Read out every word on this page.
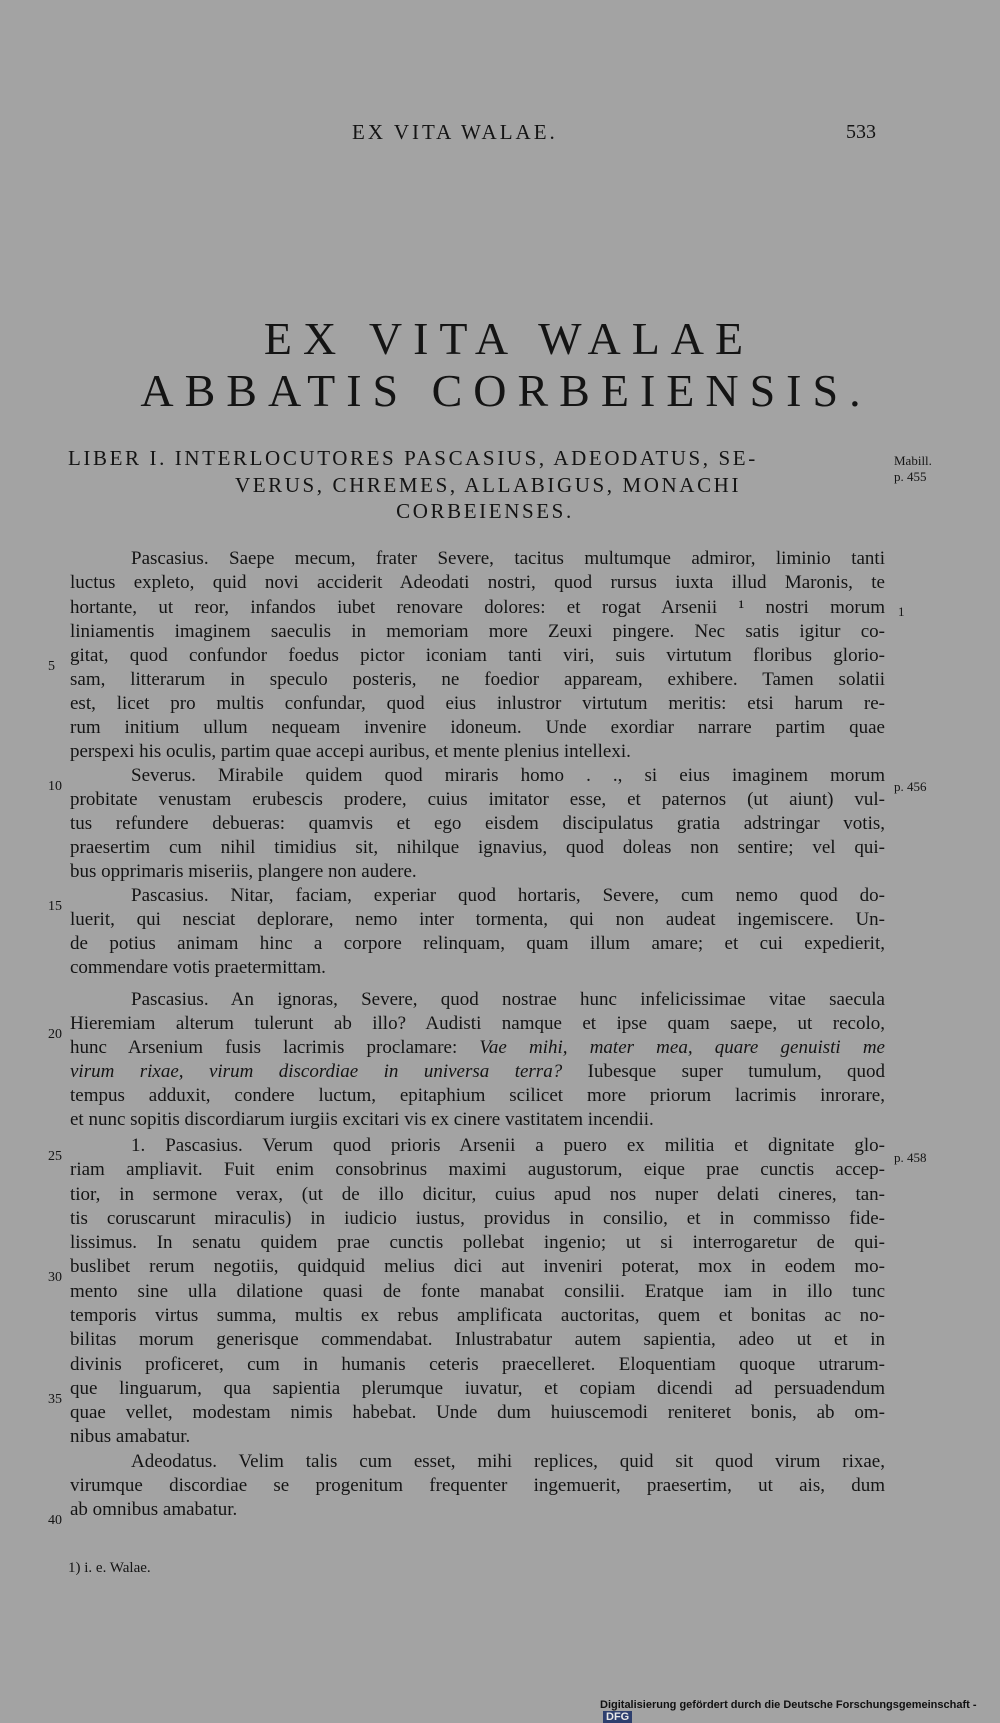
EX VITA WALAE.	533
EX VITA WALAE
ABBATIS CORBEIENSIS.
LIBER I. INTERLOCUTORES PASCASIUS, ADEODATUS, SE-
VERUS, CHREMES, ALLABIGUS, MONACHI
CORBEIENSES.
Mabill.
p. 455
1
p. 456
p. 458
5
10
15
20
25
30
35
40
Pascasius. Saepe mecum, frater Severe, tacitus multumque admiror, liminio tanti
luctus expleto, quid novi acciderit Adeodati nostri, quod rursus iuxta illud Maronis, te
hortante, ut reor, infandos iubet renovare dolores: et rogat Arsenii ¹ nostri morum
liniamentis imaginem saeculis in memoriam more Zeuxi pingere. Nec satis igitur co-
gitat, quod confundor foedus pictor iconiam tanti viri, suis virtutum floribus glorio-
sam, litterarum in speculo posteris, ne foedior appaream, exhibere. Tamen solatii
est, licet pro multis confundar, quod eius inlustror virtutum meritis: etsi harum re-
rum initium ullum nequeam invenire idoneum. Unde exordiar narrare partim quae
perspexi his oculis, partim quae accepi auribus, et mente plenius intellexi.
Severus. Mirabile quidem quod miraris homo . ., si eius imaginem morum
probitate venustam erubescis prodere, cuius imitator esse, et paternos (ut aiunt) vul-
tus refundere debueras: quamvis et ego eisdem discipulatus gratia adstringar votis,
praesertim cum nihil timidius sit, nihilque ignavius, quod doleas non sentire; vel qui-
bus opprimaris miseriis, plangere non audere.
Pascasius. Nitar, faciam, experiar quod hortaris, Severe, cum nemo quod do-
luerit, qui nesciat deplorare, nemo inter tormenta, qui non audeat ingemiscere. Un-
de potius animam hinc a corpore relinquam, quam illum amare; et cui expedierit,
commendare votis praetermittam.
Pascasius. An ignoras, Severe, quod nostrae hunc infelicissimae vitae saecula
Hieremiam alterum tulerunt ab illo? Audisti namque et ipse quam saepe, ut recolo,
hunc Arsenium fusis lacrimis proclamare: Vae mihi, mater mea, quare genuisti me
virum rixae, virum discordiae in universa terra? Iubesque super tumulum, quod
tempus adduxit, condere luctum, epitaphium scilicet more priorum lacrimis inrorare,
et nunc sopitis discordiarum iurgiis excitari vis ex cinere vastitatem incendii.
1. Pascasius. Verum quod prioris Arsenii a puero ex militia et dignitate glo-
riam ampliavit. Fuit enim consobrinus maximi augustorum, eique prae cunctis accep-
tior, in sermone verax, (ut de illo dicitur, cuius apud nos nuper delati cineres, tan-
tis coruscarunt miraculis) in iudicio iustus, providus in consilio, et in commisso fide-
lissimus. In senatu quidem prae cunctis pollebat ingenio; ut si interrogaretur de qui-
buslibet rerum negotiis, quidquid melius dici aut inveniri poterat, mox in eodem mo-
mento sine ulla dilatione quasi de fonte manabat consilii. Eratque iam in illo tunc
temporis virtus summa, multis ex rebus amplificata auctoritas, quem et bonitas ac no-
bilitas morum generisque commendabat. Inlustrabatur autem sapientia, adeo ut et in
divinis proficeret, cum in humanis ceteris praecelleret. Eloquentiam quoque utrarum-
que linguarum, qua sapientia plerumque iuvatur, et copiam dicendi ad persuadendum
quae vellet, modestam nimis habebat. Unde dum huiuscemodi reniteret bonis, ab om-
nibus amabatur.
Adeodatus. Velim talis cum esset, mihi replices, quid sit quod virum rixae,
virumque discordiae se progenitum frequenter ingemuerit, praesertim, ut ais, dum
ab omnibus amabatur.
1) i. e. Walae.
Digitalisierung gefördert durch die Deutsche Forschungsgemeinschaft -DFG
